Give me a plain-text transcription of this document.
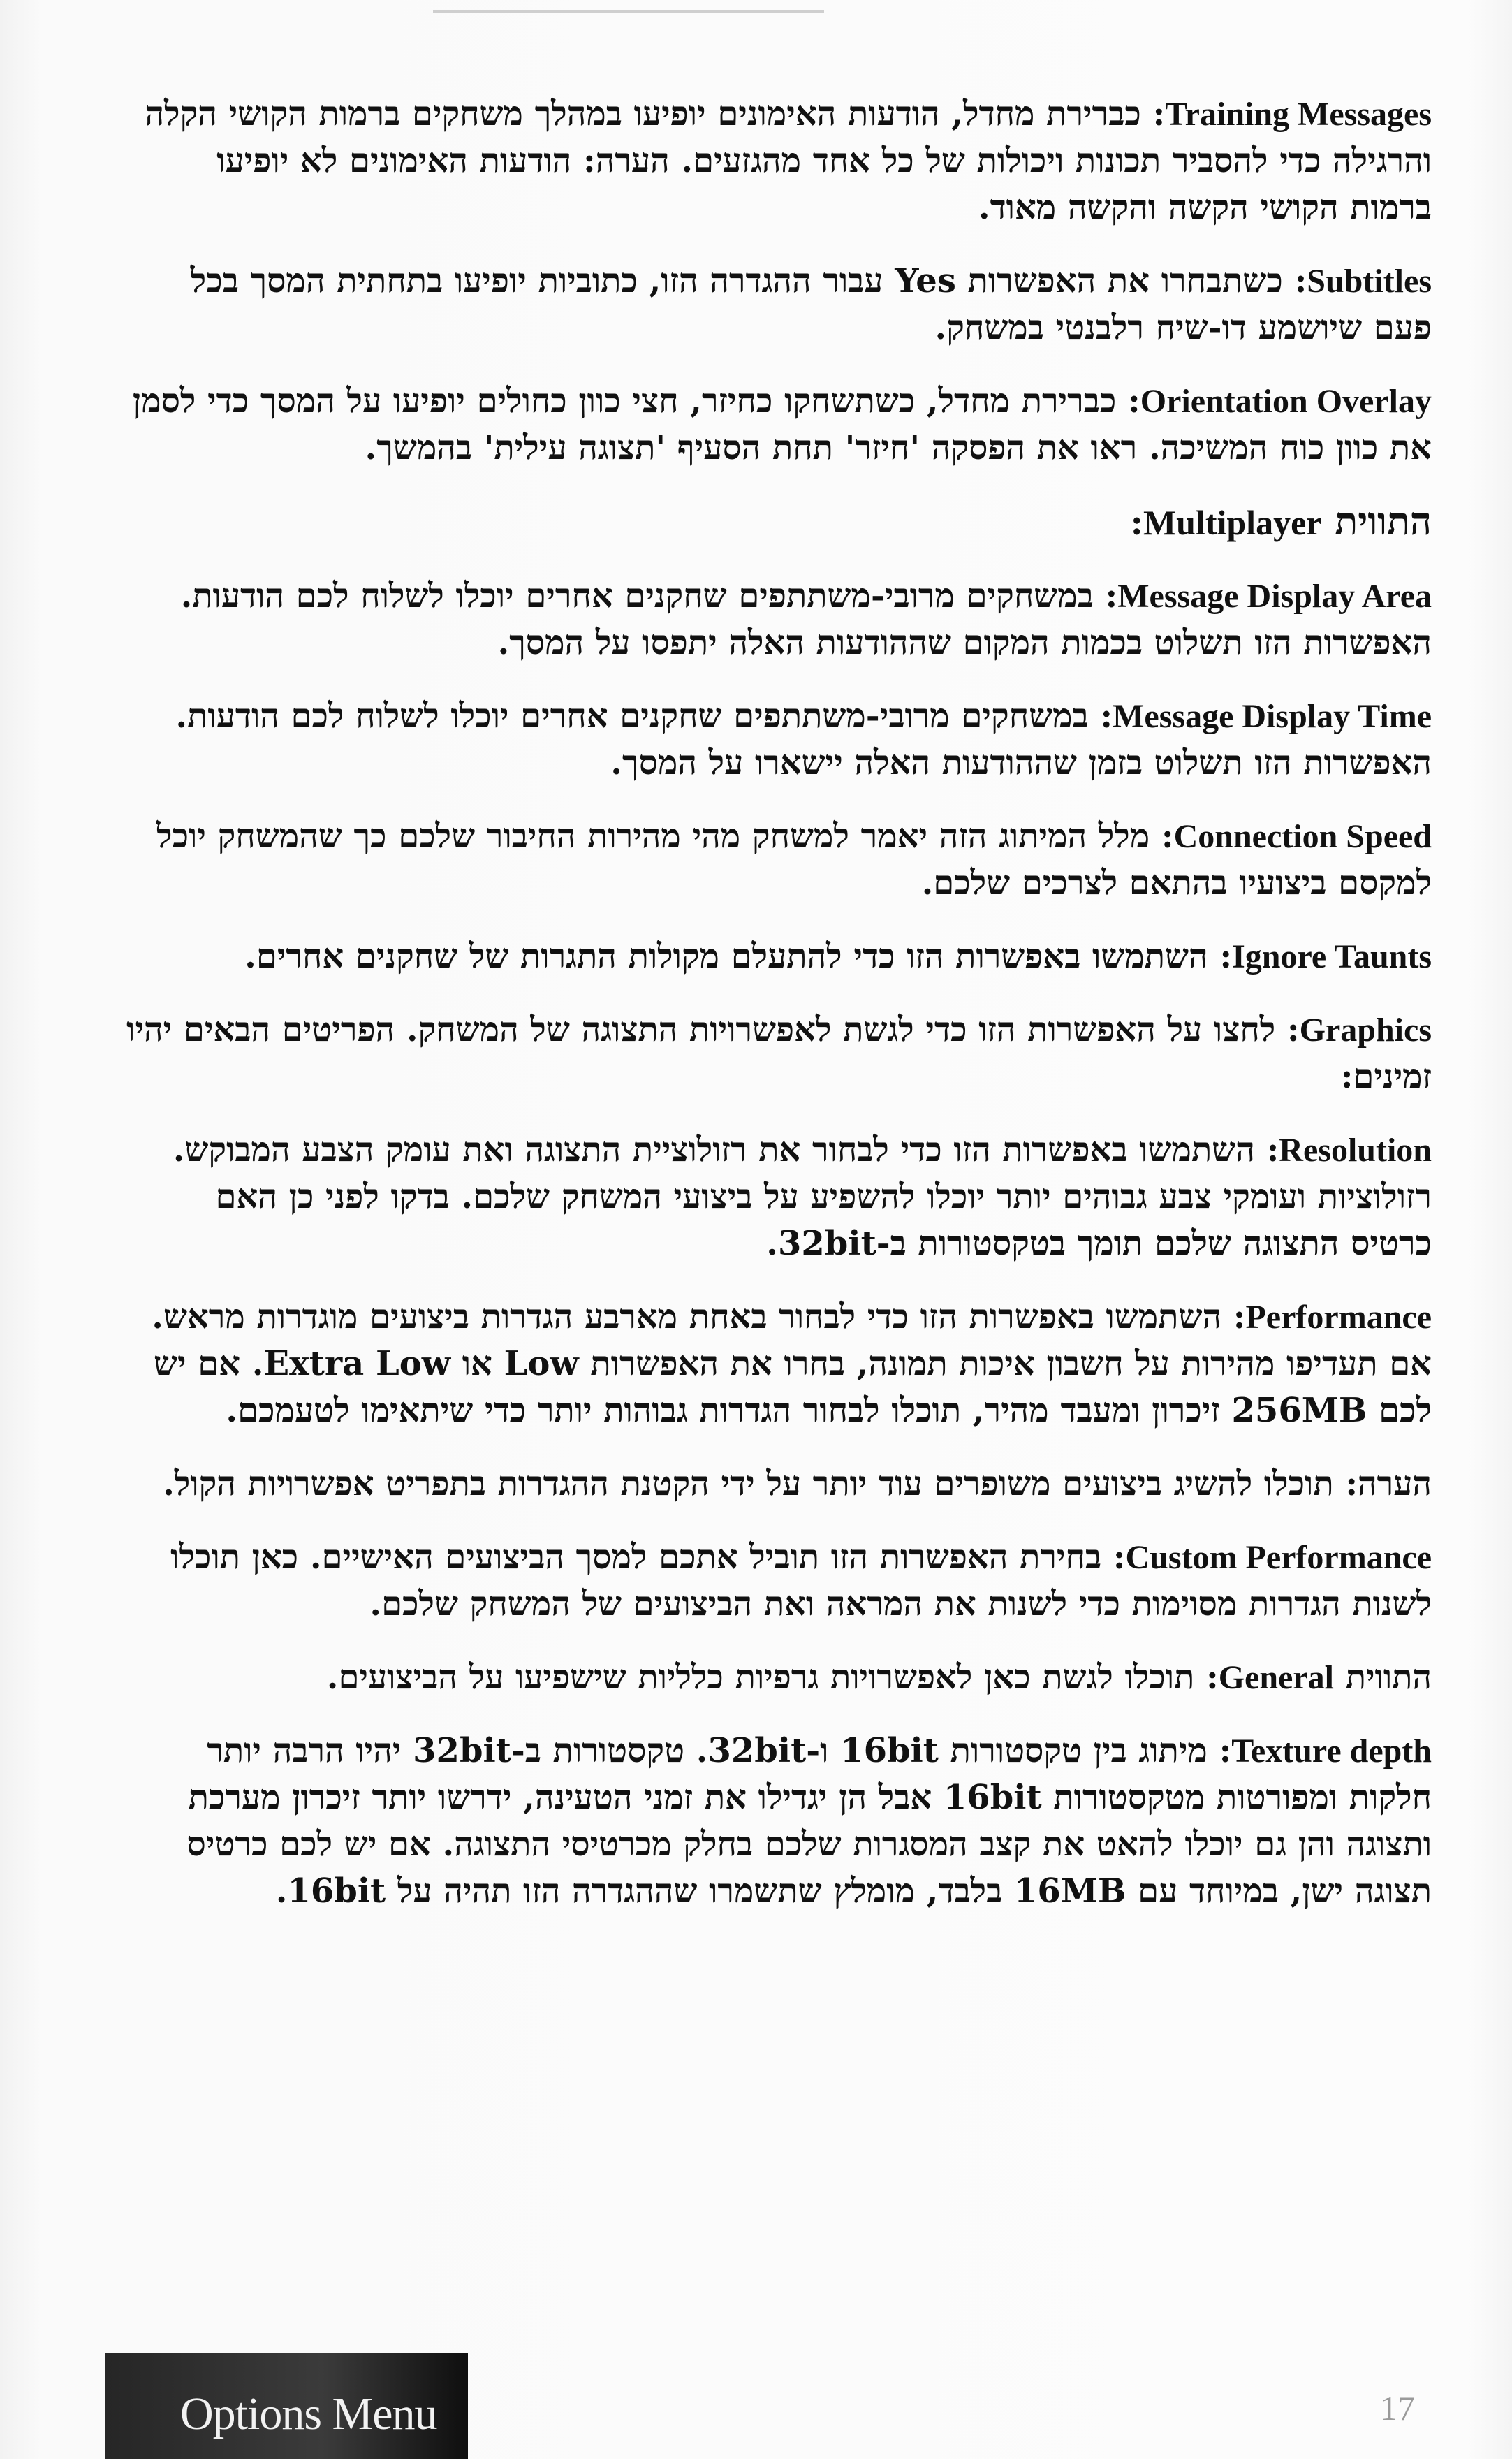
Training Messages: כברירת מחדל, הודעות האימונים יופיעו במהלך משחקים ברמות הקושי הקלה והרגילה כדי להסביר תכונות ויכולות של כל אחד מהגזעים. הערה: הודעות האימונים לא יופיעו ברמות הקושי הקשה והקשה מאוד.

Subtitles: כשתבחרו את האפשרות Yes עבור ההגדרה הזו, כתוביות יופיעו בתחתית המסך בכל פעם שיושמע דו-שיח רלבנטי במשחק.

Orientation Overlay: כברירת מחדל, כשתשחקו כחיזר, חצי כוון כחולים יופיעו על המסך כדי לסמן את כוון כוח המשיכה. ראו את הפסקה 'חיזר' תחת הסעיף 'תצוגה עילית' בהמשך.

התווית Multiplayer:

Message Display Area: במשחקים מרובי-משתתפים שחקנים אחרים יוכלו לשלוח לכם הודעות. האפשרות הזו תשלוט בכמות המקום שההודעות האלה יתפסו על המסך.

Message Display Time: במשחקים מרובי-משתתפים שחקנים אחרים יוכלו לשלוח לכם הודעות. האפשרות הזו תשלוט בזמן שההודעות האלה יישארו על המסך.

Connection Speed: מלל המיתוג הזה יאמר למשחק מהי מהירות החיבור שלכם כך שהמשחק יוכל למקסם ביצועיו בהתאם לצרכים שלכם.

Ignore Taunts: השתמשו באפשרות הזו כדי להתעלם מקולות התגרות של שחקנים אחרים.

Graphics: לחצו על האפשרות הזו כדי לגשת לאפשרויות התצוגה של המשחק. הפריטים הבאים יהיו זמינים:

Resolution: השתמשו באפשרות הזו כדי לבחור את רזולוציית התצוגה ואת עומק הצבע המבוקש. רזולוציות ועומקי צבע גבוהים יותר יוכלו להשפיע על ביצועי המשחק שלכם. בדקו לפני כן האם כרטיס התצוגה שלכם תומך בטקסטורות ב-32bit.

Performance: השתמשו באפשרות הזו כדי לבחור באחת מארבע הגדרות ביצועים מוגדרות מראש. אם תעדיפו מהירות על חשבון איכות תמונה, בחרו את האפשרות Low או Extra Low. אם יש לכם 256MB זיכרון ומעבד מהיר, תוכלו לבחור הגדרות גבוהות יותר כדי שיתאימו לטעמכם.

הערה: תוכלו להשיג ביצועים משופרים עוד יותר על ידי הקטנת ההגדרות בתפריט אפשרויות הקול.

Custom Performance: בחירת האפשרות הזו תוביל אתכם למסך הביצועים האישיים. כאן תוכלו לשנות הגדרות מסוימות כדי לשנות את המראה ואת הביצועים של המשחק שלכם.

התווית General: תוכלו לגשת כאן לאפשרויות גרפיות כלליות שישפיעו על הביצועים.

Texture depth: מיתוג בין טקסטורות 16bit ו-32bit. טקסטורות ב-32bit יהיו הרבה יותר חלקות ומפורטות מטקסטורות 16bit אבל הן יגדילו את זמני הטעינה, ידרשו יותר זיכרון מערכת ותצוגה והן גם יוכלו להאט את קצב המסגרות שלכם בחלק מכרטיסי התצוגה. אם יש לכם כרטיס תצוגה ישן, במיוחד עם 16MB בלבד, מומלץ שתשמרו שההגדרה הזו תהיה על 16bit.

Options Menu	17
